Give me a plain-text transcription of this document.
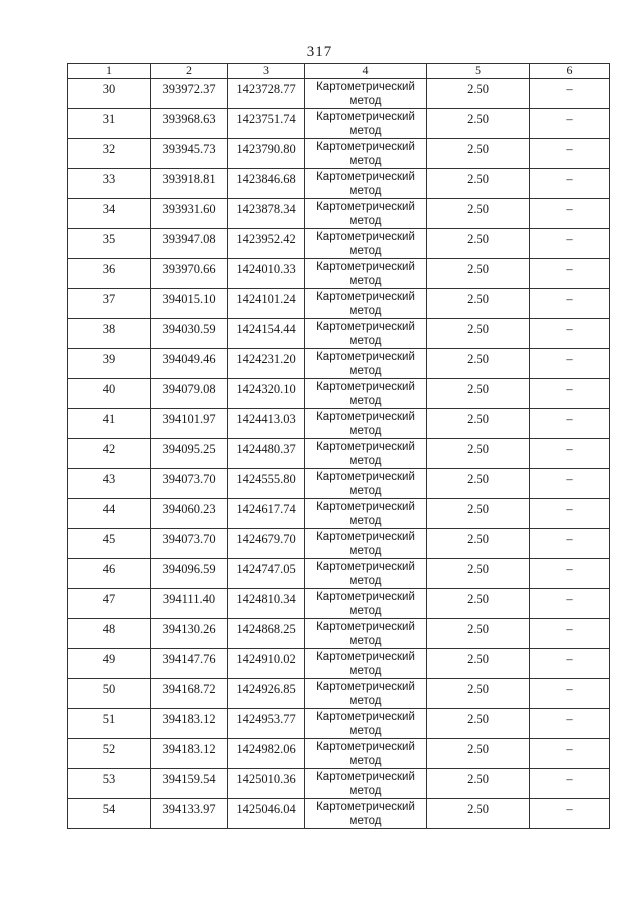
317
1	2	3	4	5	6
30	393972.37	1423728.77	Картометрический метод	2.50	–
31	393968.63	1423751.74	Картометрический метод	2.50	–
32	393945.73	1423790.80	Картометрический метод	2.50	–
33	393918.81	1423846.68	Картометрический метод	2.50	–
34	393931.60	1423878.34	Картометрический метод	2.50	–
35	393947.08	1423952.42	Картометрический метод	2.50	–
36	393970.66	1424010.33	Картометрический метод	2.50	–
37	394015.10	1424101.24	Картометрический метод	2.50	–
38	394030.59	1424154.44	Картометрический метод	2.50	–
39	394049.46	1424231.20	Картометрический метод	2.50	–
40	394079.08	1424320.10	Картометрический метод	2.50	–
41	394101.97	1424413.03	Картометрический метод	2.50	–
42	394095.25	1424480.37	Картометрический метод	2.50	–
43	394073.70	1424555.80	Картометрический метод	2.50	–
44	394060.23	1424617.74	Картометрический метод	2.50	–
45	394073.70	1424679.70	Картометрический метод	2.50	–
46	394096.59	1424747.05	Картометрический метод	2.50	–
47	394111.40	1424810.34	Картометрический метод	2.50	–
48	394130.26	1424868.25	Картометрический метод	2.50	–
49	394147.76	1424910.02	Картометрический метод	2.50	–
50	394168.72	1424926.85	Картометрический метод	2.50	–
51	394183.12	1424953.77	Картометрический метод	2.50	–
52	394183.12	1424982.06	Картометрический метод	2.50	–
53	394159.54	1425010.36	Картометрический метод	2.50	–
54	394133.97	1425046.04	Картометрический метод	2.50	–
